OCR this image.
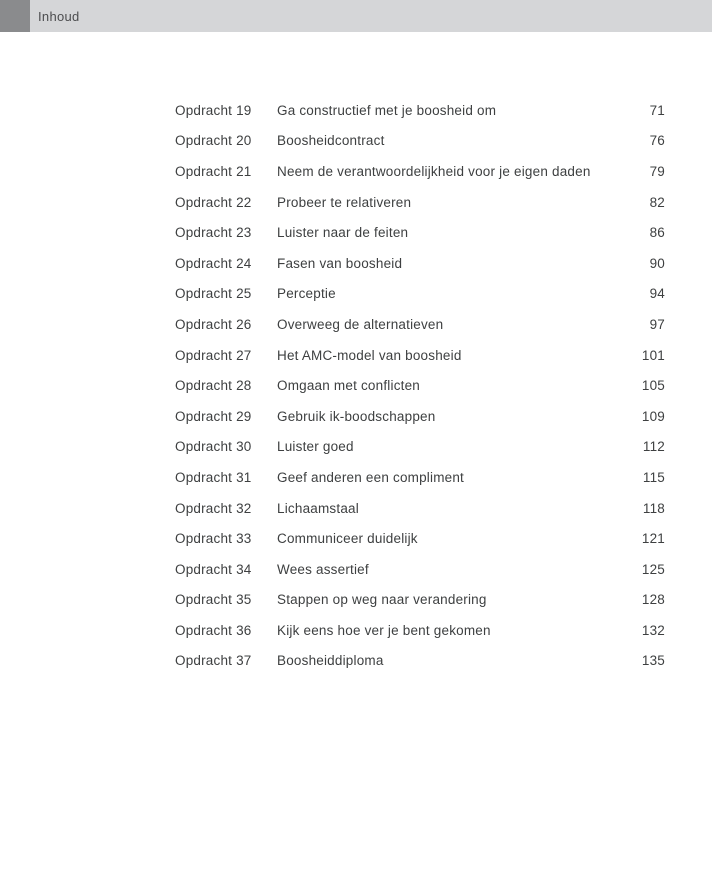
Inhoud
Opdracht 19	Ga constructief met je boosheid om	71
Opdracht 20	Boosheidcontract	76
Opdracht 21	Neem de verantwoordelijkheid voor je eigen daden	79
Opdracht 22	Probeer te relativeren	82
Opdracht 23	Luister naar de feiten	86
Opdracht 24	Fasen van boosheid	90
Opdracht 25	Perceptie	94
Opdracht 26	Overweeg de alternatieven	97
Opdracht 27	Het AMC-model van boosheid	101
Opdracht 28	Omgaan met conflicten	105
Opdracht 29	Gebruik ik-boodschappen	109
Opdracht 30	Luister goed	112
Opdracht 31	Geef anderen een compliment	115
Opdracht 32	Lichaamstaal	118
Opdracht 33	Communiceer duidelijk	121
Opdracht 34	Wees assertief	125
Opdracht 35	Stappen op weg naar verandering	128
Opdracht 36	Kijk eens hoe ver je bent gekomen	132
Opdracht 37	Boosheiddiploma	135
